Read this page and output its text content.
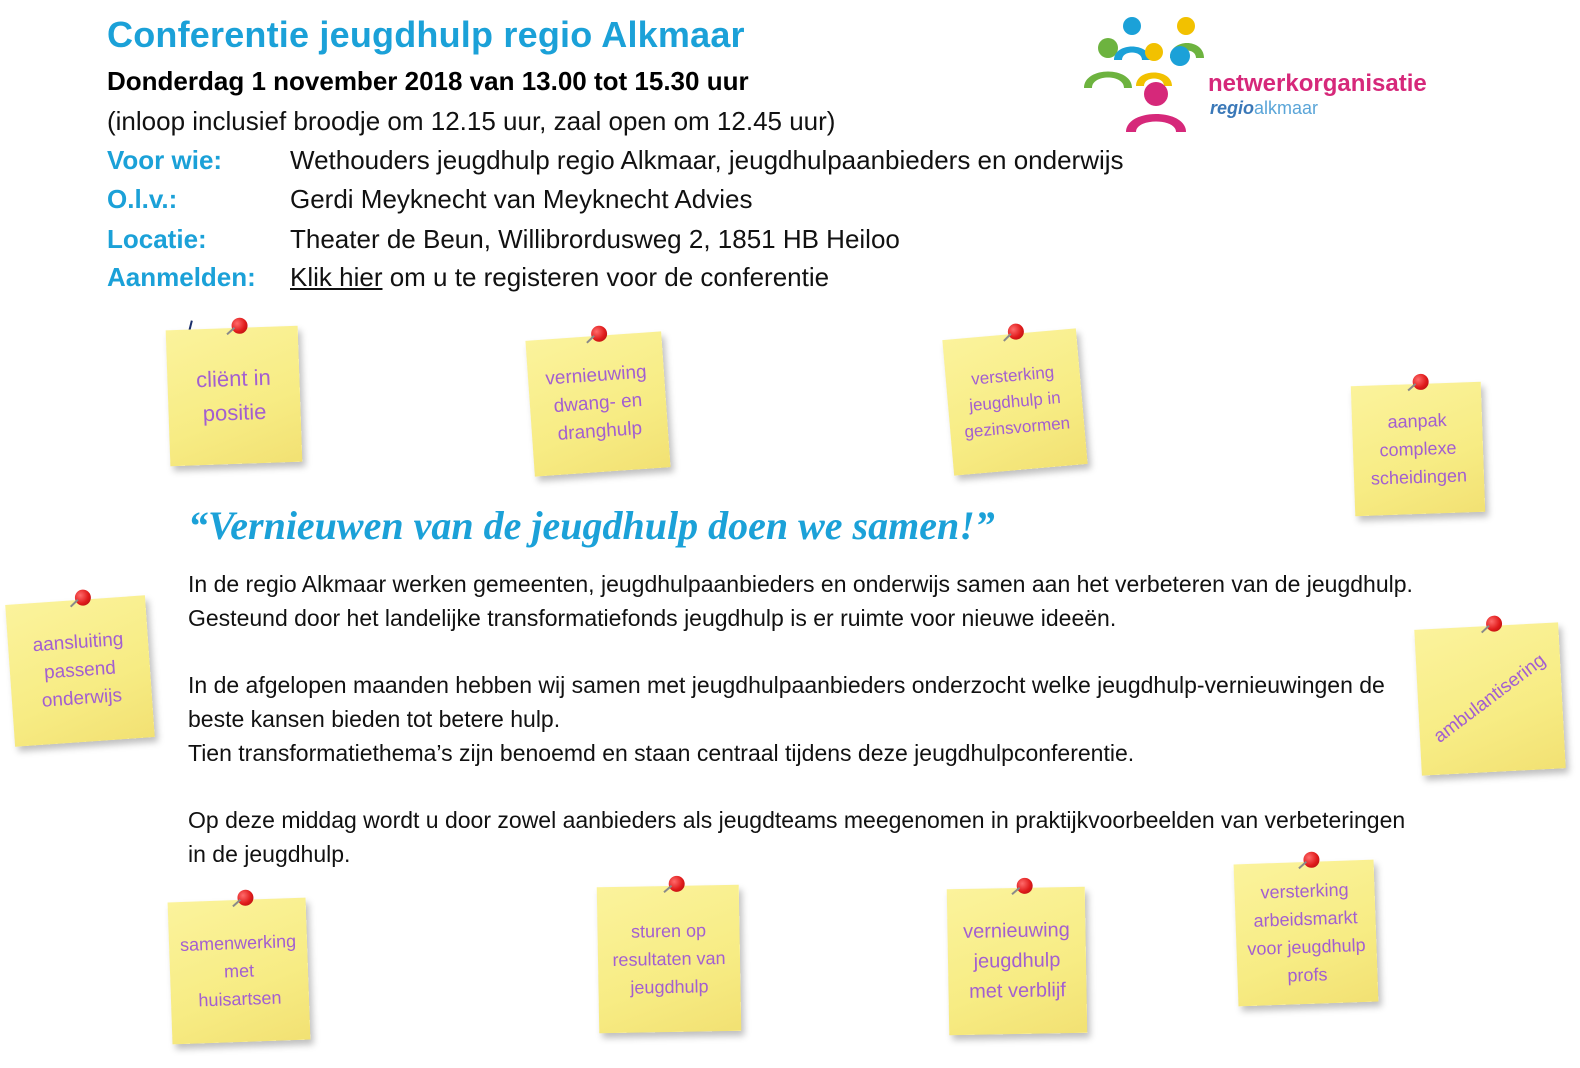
Conferentie jeugdhulp regio Alkmaar
Donderdag 1 november 2018 van 13.00 tot 15.30 uur
(inloop inclusief broodje om 12.15 uur, zaal open om 12.45 uur)
Voor wie:	Wethouders jeugdhulp regio Alkmaar, jeugdhulpaanbieders en onderwijs
O.l.v.:	Gerdi Meyknecht van Meyknecht Advies
Locatie:	Theater de Beun, Willibrordusweg 2, 1851 HB Heiloo
Aanmelden: Klik hier om u te registeren voor de conferentie
netwerkorganisatie
regioalkmaar
“Vernieuwen van de jeugdhulp doen we samen!”

In de regio Alkmaar werken gemeenten, jeugdhulpaanbieders en onderwijs samen aan het verbeteren van de jeugdhulp. Gesteund door het landelijke transformatiefonds jeugdhulp is er ruimte voor nieuwe ideeën.

In de afgelopen maanden hebben wij samen met jeugdhulpaanbieders onderzocht welke jeugdhulp-vernieuwingen de beste kansen bieden tot betere hulp.

Tien transformatiethema’s zijn benoemd en staan centraal tijdens deze jeugdhulpconferentie.

Op deze middag wordt u door zowel aanbieders als jeugdteams meegenomen in praktijkvoorbeelden van verbeteringen in de jeugdhulp.

cliënt in
positie
vernieuwing
dwang- en
dranghulp
versterking
jeugdhulp in
gezinsvormen	aanpak
complexe
scheidingen
aansluiting
passend
onderwijs	ambulantisering
samenwerking
met
huisartsen
sturen op
resultaten van
jeugdhulp
vernieuwing
jeugdhulp
met verblijf
versterking
arbeidsmarkt
voor jeugdhulp
profs
